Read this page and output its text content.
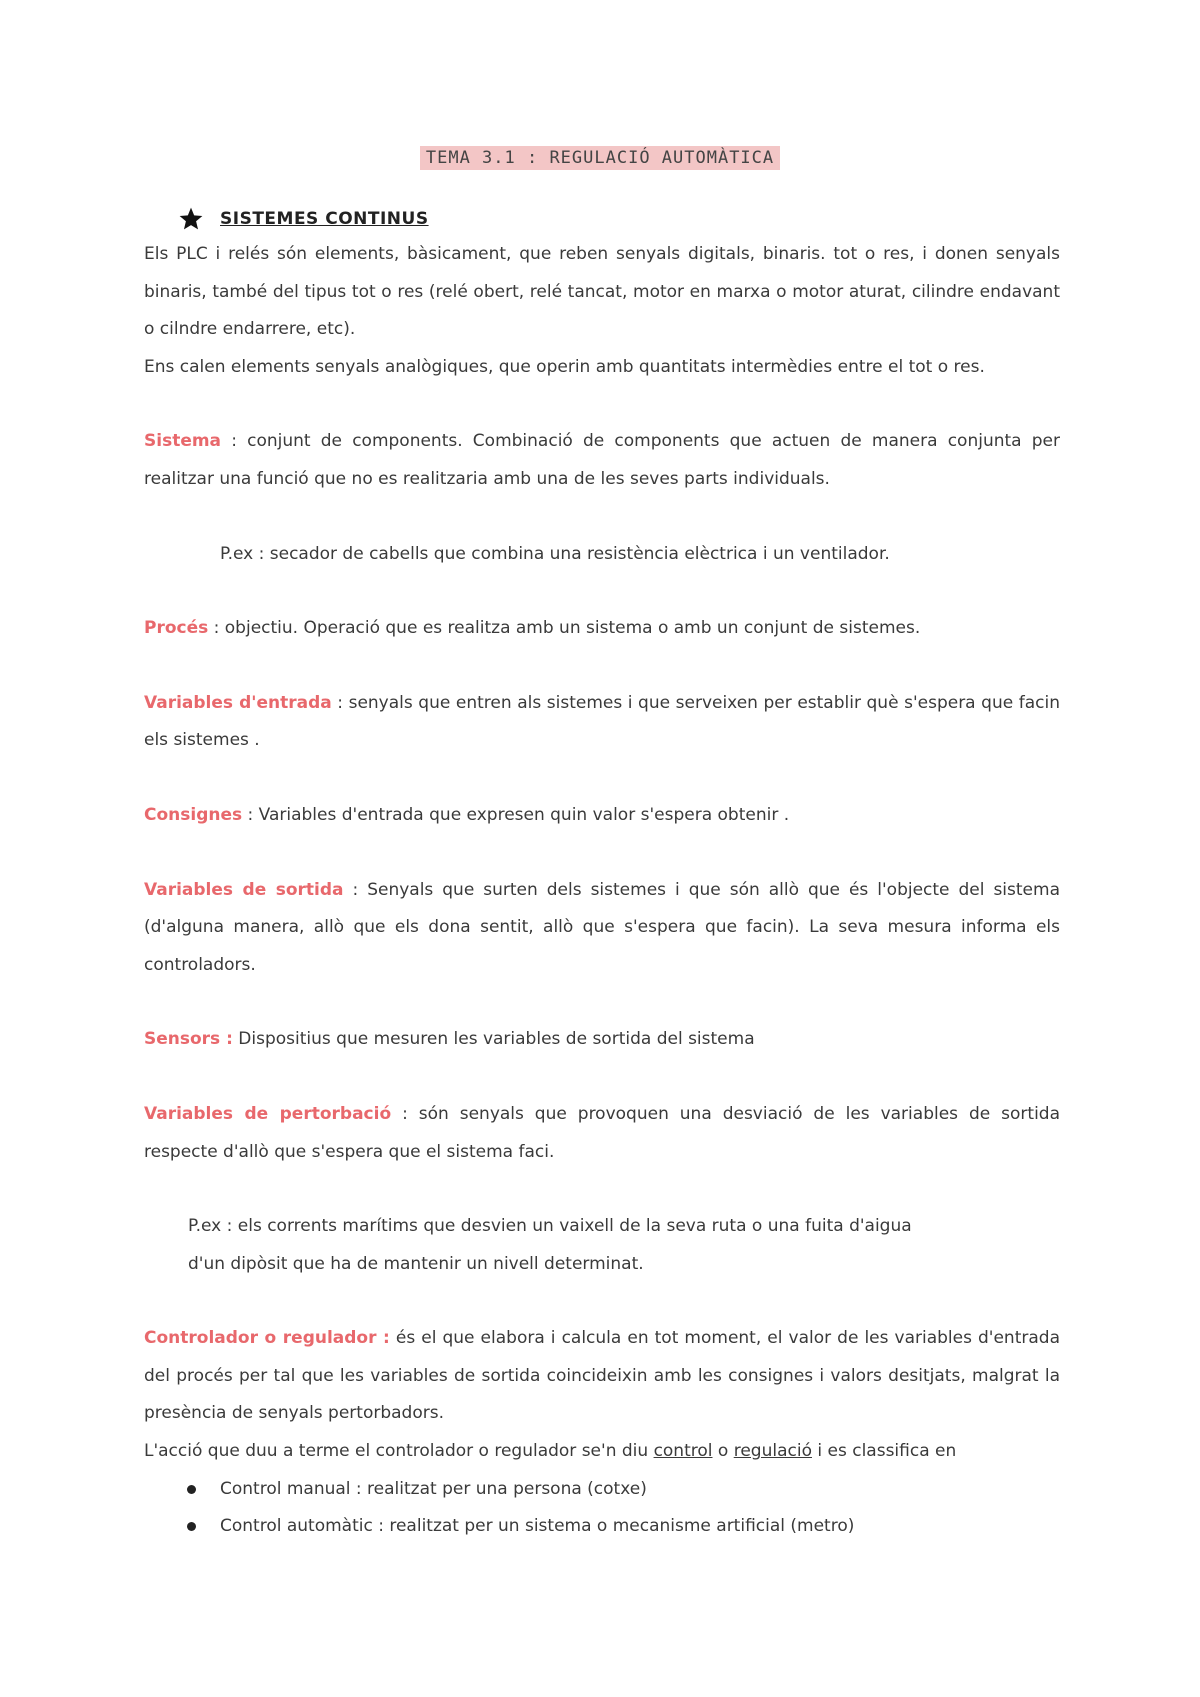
TEMA 3.1 : REGULACIÓ AUTOMÀTICA
SISTEMES CONTINUS

Els PLC i relés són elements, bàsicament, que reben senyals digitals, binaris. tot o res, i donen senyals binaris, també del tipus tot o res (relé obert, relé tancat, motor en marxa o motor aturat, cilindre endavant o cilndre endarrere, etc).

Ens calen elements senyals analògiques, que operin amb quantitats intermèdies entre el tot o res.

Sistema : conjunt de components. Combinació de components que actuen de manera conjunta per realitzar una funció que no es realitzaria amb una de les seves parts individuals.

P.ex : secador de cabells que combina una resistència elèctrica i un ventilador.

Procés : objectiu. Operació que es realitza amb un sistema o amb un conjunt de sistemes.

Variables d'entrada : senyals que entren als sistemes i que serveixen per establir què s'espera que facin els sistemes .

Consignes : Variables d'entrada que expresen quin valor s'espera obtenir .

Variables de sortida : Senyals que surten dels sistemes i que són allò que és l'objecte del sistema (d'alguna manera, allò que els dona sentit, allò que s'espera que facin). La seva mesura informa els controladors.

Sensors : Dispositius que mesuren les variables de sortida del sistema

Variables de pertorbació : són senyals que provoquen una desviació de les variables de sortida respecte d'allò que s'espera que el sistema faci.

P.ex : els corrents marítims que desvien un vaixell de la seva ruta o una fuita d'aigua

d'un dipòsit que ha de mantenir un nivell determinat.

Controlador o regulador : és el que elabora i calcula en tot moment, el valor de les variables d'entrada del procés per tal que les variables de sortida coincideixin amb les consignes i valors desitjats, malgrat la presència de senyals pertorbadors.

L'acció que duu a terme el controlador o regulador se'n diu control o regulació i es classifica en

Control manual : realitzat per una persona (cotxe)
Control automàtic : realitzat per un sistema o mecanisme artificial (metro)
